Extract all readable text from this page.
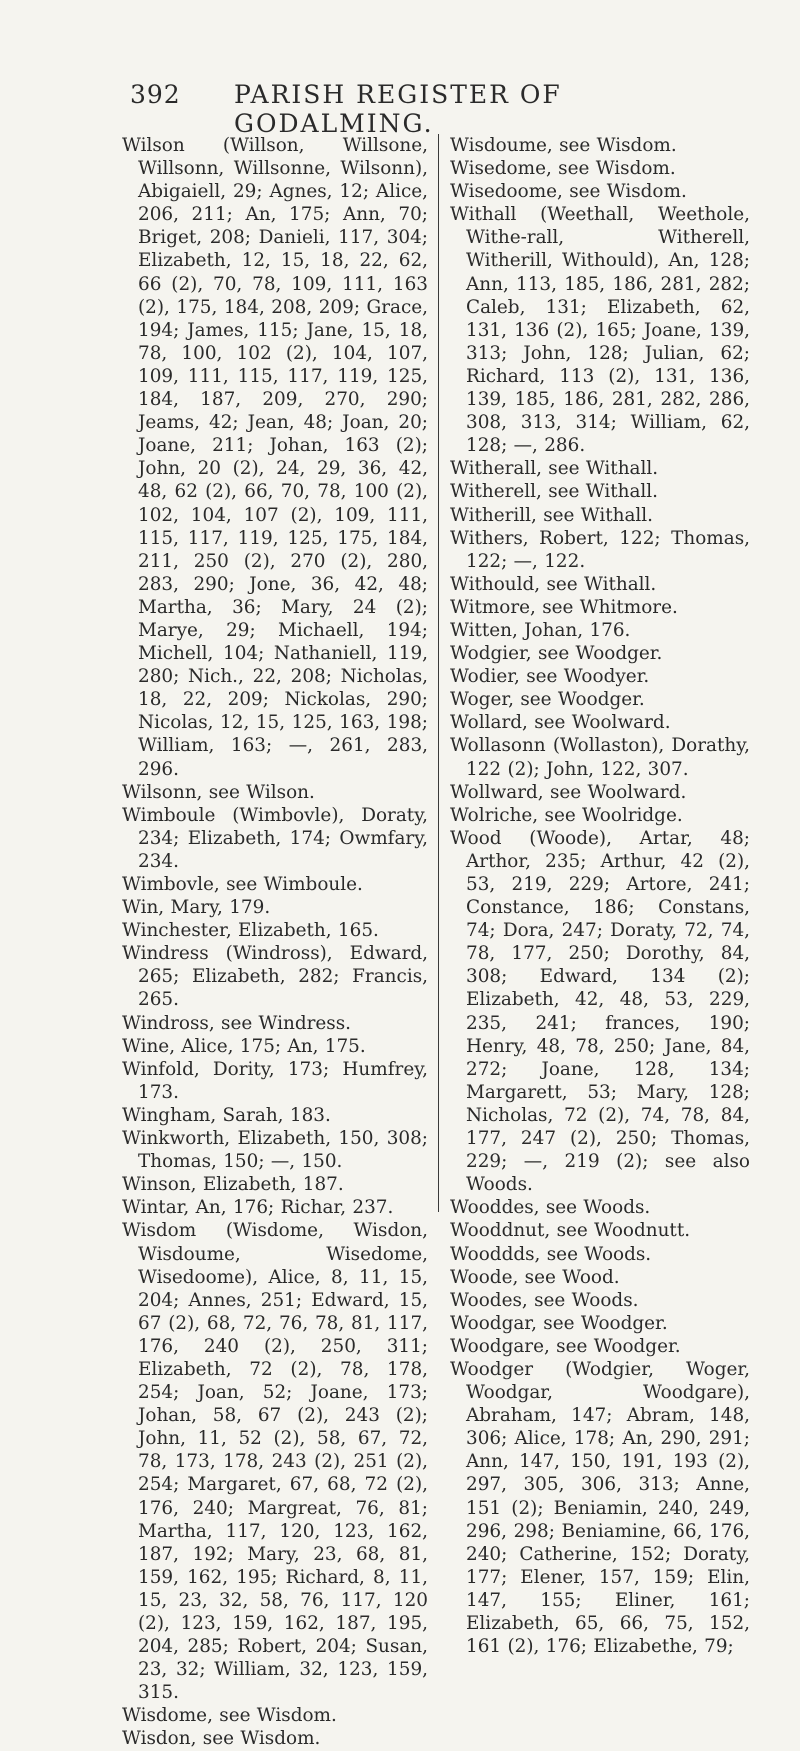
392 PARISH REGISTER OF GODALMING.

Wilson (Willson, Willsone, Willsonn, Willsonne, Wilsonn), Abigaiell, 29; Agnes, 12; Alice, 206, 211; An, 175; Ann, 70; Briget, 208; Danieli, 117, 304; Elizabeth, 12, 15, 18, 22, 62, 66 (2), 70, 78, 109, 111, 163 (2), 175, 184, 208, 209; Grace, 194; James, 115; Jane, 15, 18, 78, 100, 102 (2), 104, 107, 109, 111, 115, 117, 119, 125, 184, 187, 209, 270, 290; Jeams, 42; Jean, 48; Joan, 20; Joane, 211; Johan, 163 (2); John, 20 (2), 24, 29, 36, 42, 48, 62 (2), 66, 70, 78, 100 (2), 102, 104, 107 (2), 109, 111, 115, 117, 119, 125, 175, 184, 211, 250 (2), 270 (2), 280, 283, 290; Jone, 36, 42, 48; Martha, 36; Mary, 24 (2); Marye, 29; Michaell, 194; Michell, 104; Nathaniell, 119, 280; Nich., 22, 208; Nicholas, 18, 22, 209; Nickolas, 290; Nicolas, 12, 15, 125, 163, 198; William, 163; —, 261, 283, 296.

Wilsonn, see Wilson.

Wimboule (Wimbovle), Doraty, 234; Elizabeth, 174; Owmfary, 234.

Wimbovle, see Wimboule.

Win, Mary, 179.

Winchester, Elizabeth, 165.

Windress (Windross), Edward, 265; Elizabeth, 282; Francis, 265.

Windross, see Windress.

Wine, Alice, 175; An, 175.

Winfold, Dority, 173; Humfrey, 173.

Wingham, Sarah, 183.

Winkworth, Elizabeth, 150, 308; Thomas, 150; —, 150.

Winson, Elizabeth, 187.

Wintar, An, 176; Richar, 237.

Wisdom (Wisdome, Wisdon, Wisdoume, Wisedome, Wisedoome), Alice, 8, 11, 15, 204; Annes, 251; Edward, 15, 67 (2), 68, 72, 76, 78, 81, 117, 176, 240 (2), 250, 311; Elizabeth, 72 (2), 78, 178, 254; Joan, 52; Joane, 173; Johan, 58, 67 (2), 243 (2); John, 11, 52 (2), 58, 67, 72, 78, 173, 178, 243 (2), 251 (2), 254; Margaret, 67, 68, 72 (2), 176, 240; Margreat, 76, 81; Martha, 117, 120, 123, 162, 187, 192; Mary, 23, 68, 81, 159, 162, 195; Richard, 8, 11, 15, 23, 32, 58, 76, 117, 120 (2), 123, 159, 162, 187, 195, 204, 285; Robert, 204; Susan, 23, 32; William, 32, 123, 159, 315.

Wisdome, see Wisdom.

Wisdon, see Wisdom.

Wisdoume, see Wisdom.

Wisedome, see Wisdom.

Wisedoome, see Wisdom.

Withall (Weethall, Weethole, Withe-rall, Witherell, Witherill, Withould), An, 128; Ann, 113, 185, 186, 281, 282; Caleb, 131; Elizabeth, 62, 131, 136 (2), 165; Joane, 139, 313; John, 128; Julian, 62; Richard, 113 (2), 131, 136, 139, 185, 186, 281, 282, 286, 308, 313, 314; William, 62, 128; —, 286.

Witherall, see Withall.

Witherell, see Withall.

Witherill, see Withall.

Withers, Robert, 122; Thomas, 122; —, 122.

Withould, see Withall.

Witmore, see Whitmore.

Witten, Johan, 176.

Wodgier, see Woodger.

Wodier, see Woodyer.

Woger, see Woodger.

Wollard, see Woolward.

Wollasonn (Wollaston), Dorathy, 122 (2); John, 122, 307.

Wollward, see Woolward.

Wolriche, see Woolridge.

Wood (Woode), Artar, 48; Arthor, 235; Arthur, 42 (2), 53, 219, 229; Artore, 241; Constance, 186; Constans, 74; Dora, 247; Doraty, 72, 74, 78, 177, 250; Dorothy, 84, 308; Edward, 134 (2); Elizabeth, 42, 48, 53, 229, 235, 241; frances, 190; Henry, 48, 78, 250; Jane, 84, 272; Joane, 128, 134; Margarett, 53; Mary, 128; Nicholas, 72 (2), 74, 78, 84, 177, 247 (2), 250; Thomas, 229; —, 219 (2); see also Woods.

Wooddes, see Woods.

Wooddnut, see Woodnutt.

Wooddds, see Woods.

Woode, see Wood.

Woodes, see Woods.

Woodgar, see Woodger.

Woodgare, see Woodger.

Woodger (Wodgier, Woger, Woodgar, Woodgare), Abraham, 147; Abram, 148, 306; Alice, 178; An, 290, 291; Ann, 147, 150, 191, 193 (2), 297, 305, 306, 313; Anne, 151 (2); Beniamin, 240, 249, 296, 298; Beniamine, 66, 176, 240; Catherine, 152; Doraty, 177; Elener, 157, 159; Elin, 147, 155; Eliner, 161; Elizabeth, 65, 66, 75, 152, 161 (2), 176; Elizabethe, 79;
